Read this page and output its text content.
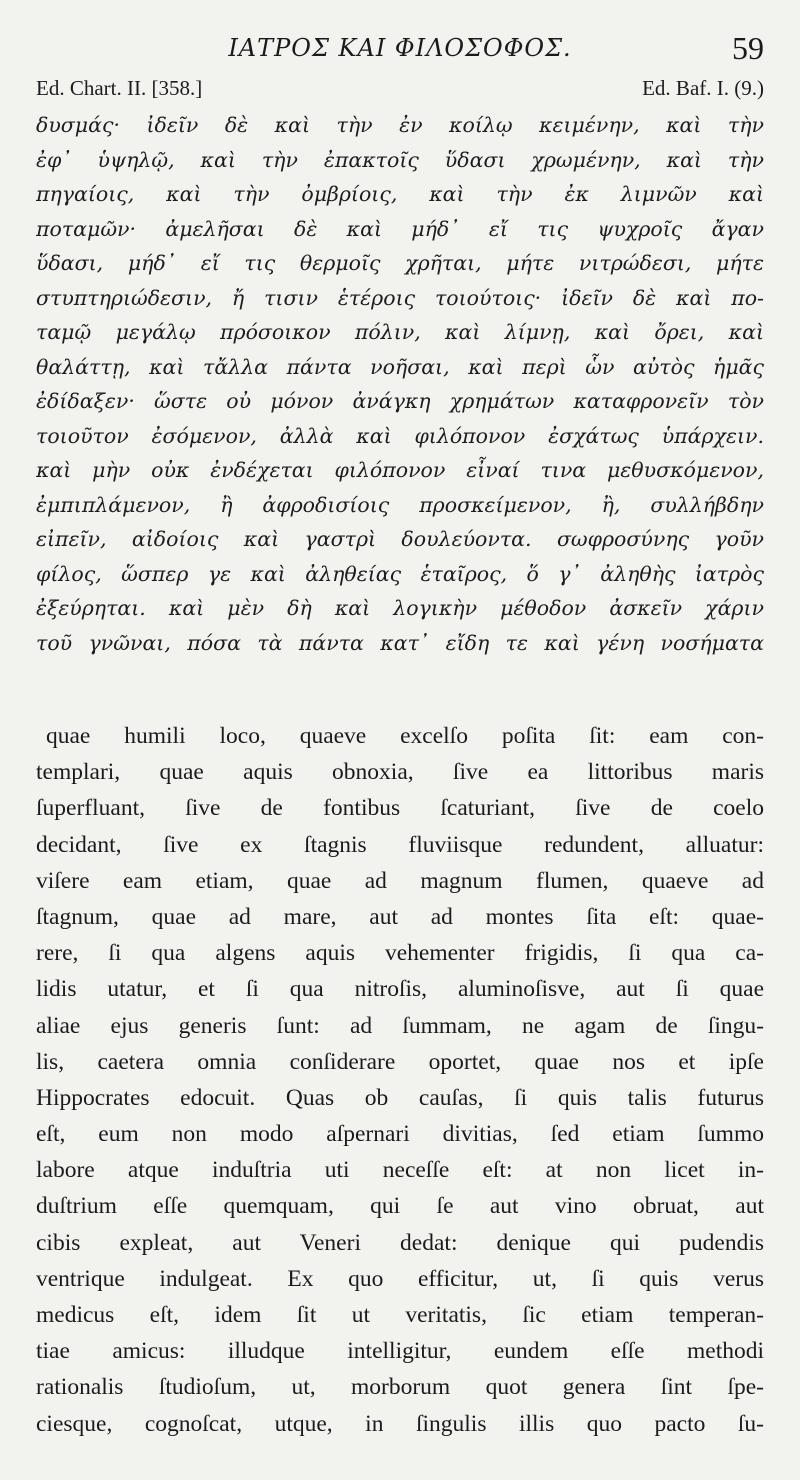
ΙΑΤΡΟΣ ΚΑΙ ΦΙΛΟΣΟΦΟΣ.	59
Ed. Chart. II. [358.]	Ed. Baf. I. (9.)
δυσμάς· ἰδεῖν δὲ καὶ τὴν ἐν κοίλῳ κειμένην, καὶ τὴν
ἐφ᾿ ὑψηλῷ, καὶ τὴν ἐπακτοῖς ὕδασι χρωμένην, καὶ τὴν
πηγαίοις, καὶ τὴν ὀμβρίοις, καὶ τὴν ἐκ λιμνῶν καὶ
ποταμῶν· ἀμελῆσαι δὲ καὶ μήδ᾿ εἴ τις ψυχροῖς ἄγαν
ὕδασι, μήδ᾿ εἴ τις θερμοῖς χρῆται, μήτε νιτρώδεσι, μήτε
στυπτηριώδεσιν, ἤ τισιν ἑτέροις τοιούτοις· ἰδεῖν δὲ καὶ πο-
ταμῷ μεγάλῳ πρόσοικον πόλιν, καὶ λίμνῃ, καὶ ὄρει, καὶ
θαλάττῃ, καὶ τἄλλα πάντα νοῆσαι, καὶ περὶ ὧν αὐτὸς ἡμᾶς
ἐδίδαξεν· ὥστε οὐ μόνον ἀνάγκη χρημάτων καταφρονεῖν τὸν
τοιοῦτον ἐσόμενον, ἀλλὰ καὶ φιλόπονον ἐσχάτως ὑπάρχειν.
καὶ μὴν οὐκ ἐνδέχεται φιλόπονον εἶναί τινα μεθυσκόμενον,
ἐμπιπλάμενον, ἢ ἀφροδισίοις προσκείμενον, ἢ, συλλήβδην
εἰπεῖν, αἰδοίοις καὶ γαστρὶ δουλεύοντα. σωφροσύνης γοῦν
φίλος, ὥσπερ γε καὶ ἀληθείας ἑταῖρος, ὅ γ᾿ ἀληθὴς ἰατρὸς
ἐξεύρηται. καὶ μὲν δὴ καὶ λογικὴν μέθοδον ἀσκεῖν χάριν
τοῦ γνῶναι, πόσα τὰ πάντα κατ᾿ εἴδη τε καὶ γένη νοσήματα
quae humili loco, quaeve excelſo poſita ſit: eam con-
templari, quae aquis obnoxia, ſive ea littoribus maris
ſuperfluant, ſive de fontibus ſcaturiant, ſive de coelo
decidant, ſive ex ſtagnis fluviisque redundent, alluatur:
viſere eam etiam, quae ad magnum flumen, quaeve ad
ſtagnum, quae ad mare, aut ad montes ſita eſt: quae-
rere, ſi qua algens aquis vehementer frigidis, ſi qua ca-
lidis utatur, et ſi qua nitroſis, aluminoſisve, aut ſi quae
aliae ejus generis ſunt: ad ſummam, ne agam de ſingu-
lis, caetera omnia conſiderare oportet, quae nos et ipſe
Hippocrates edocuit. Quas ob cauſas, ſi quis talis futurus
eſt, eum non modo aſpernari divitias, ſed etiam ſummo
labore atque induſtria uti neceſſe eſt: at non licet in-
duſtrium eſſe quemquam, qui ſe aut vino obruat, aut
cibis expleat, aut Veneri dedat: denique qui pudendis
ventrique indulgeat. Ex quo efficitur, ut, ſi quis verus
medicus eſt, idem ſit ut veritatis, ſic etiam temperan-
tiae amicus: illudque intelligitur, eundem eſſe methodi
rationalis ſtudioſum, ut, morborum quot genera ſint ſpe-
ciesque, cognoſcat, utque, in ſingulis illis quo pacto ſu-
